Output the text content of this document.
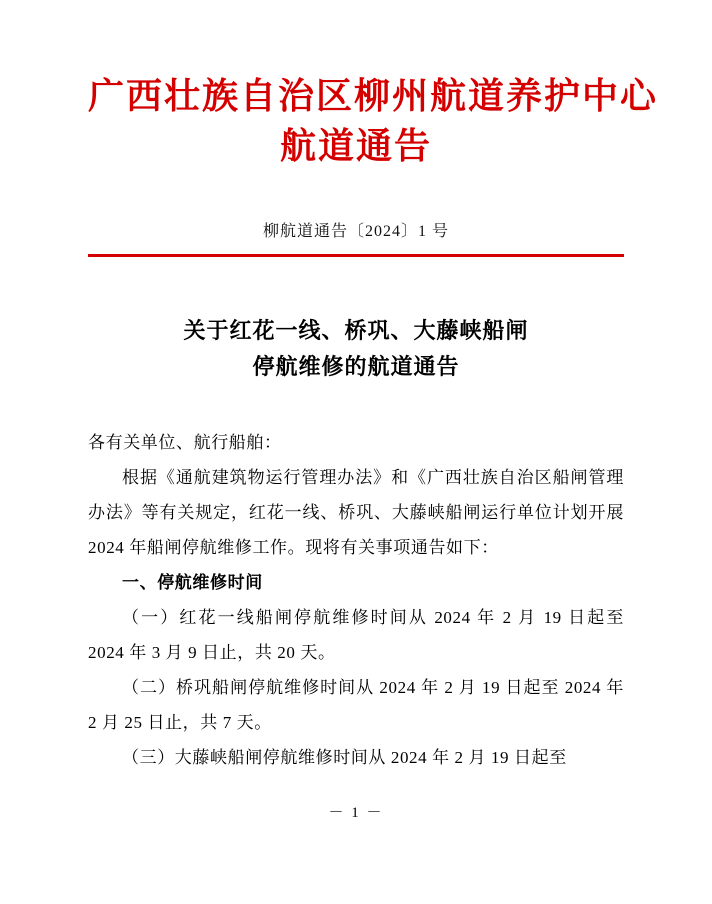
广西壮族自治区柳州航道养护中心
航道通告
柳航道通告〔2024〕1 号
关于红花一线、桥巩、大藤峡船闸
停航维修的航道通告

各有关单位、航行船舶：

根据《通航建筑物运行管理办法》和《广西壮族自治区船闸管理办法》等有关规定，红花一线、桥巩、大藤峡船闸运行单位计划开展 2024 年船闸停航维修工作。现将有关事项通告如下：

一、停航维修时间

（一）红花一线船闸停航维修时间从 2024 年 2 月 19 日起至 2024 年 3 月 9 日止，共 20 天。

（二）桥巩船闸停航维修时间从 2024 年 2 月 19 日起至 2024 年 2 月 25 日止，共 7 天。

（三）大藤峡船闸停航维修时间从 2024 年 2 月 19 日起至

－ 1 －
